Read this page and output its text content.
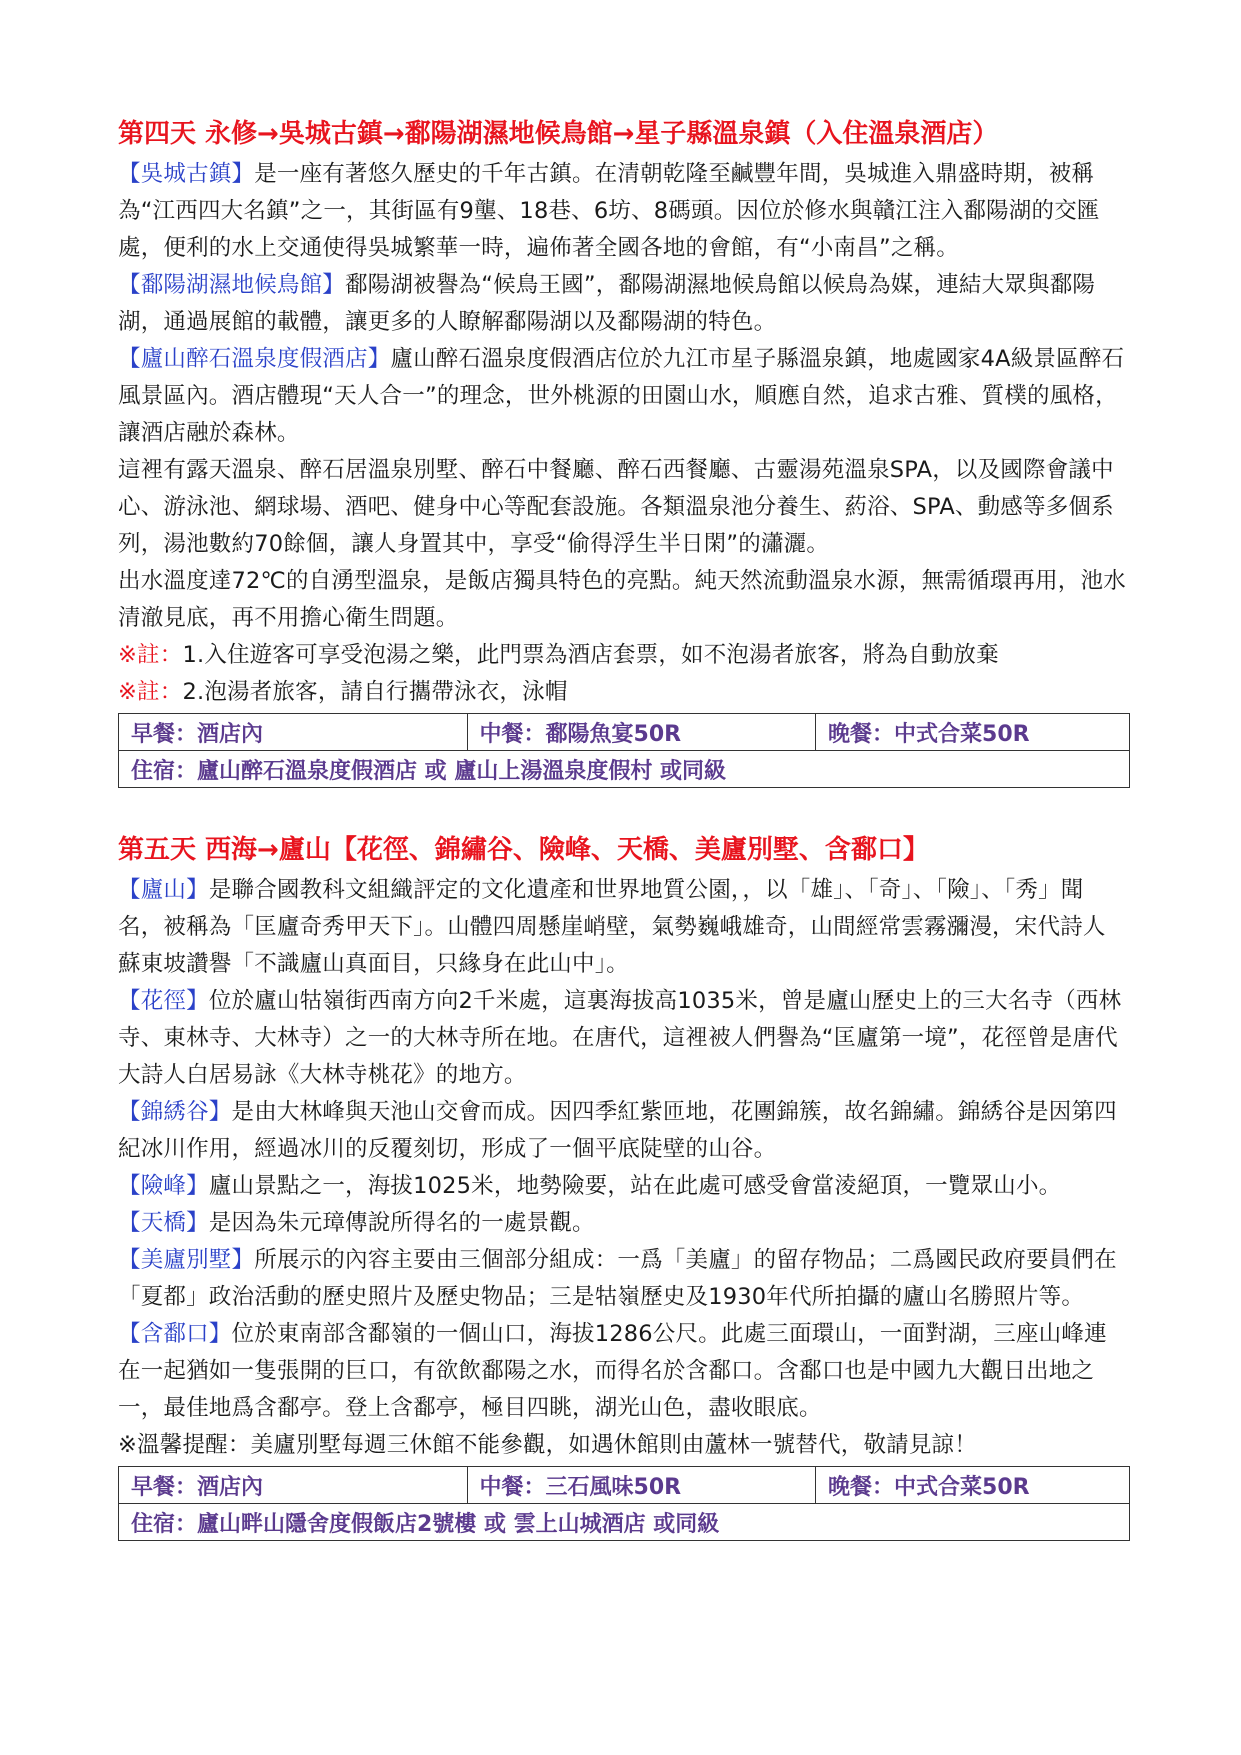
第四天 永修→吳城古鎮→鄱陽湖濕地候鳥館→星子縣溫泉鎮（入住溫泉酒店）

【吳城古鎮】是一座有著悠久歷史的千年古鎮。在清朝乾隆至鹹豐年間，吳城進入鼎盛時期，被稱為“江西四大名鎮”之一，其街區有9壟、18巷、6坊、8碼頭。因位於修水與贛江注入鄱陽湖的交匯處，便利的水上交通使得吳城繁華一時，遍佈著全國各地的會館，有“小南昌”之稱。

【鄱陽湖濕地候鳥館】鄱陽湖被譽為“候鳥王國”，鄱陽湖濕地候鳥館以候鳥為媒，連結大眾與鄱陽湖，通過展館的載體，讓更多的人瞭解鄱陽湖以及鄱陽湖的特色。

【廬山醉石溫泉度假酒店】廬山醉石溫泉度假酒店位於九江市星子縣溫泉鎮，地處國家4A級景區醉石風景區內。酒店體現“天人合一”的理念，世外桃源的田園山水，順應自然，追求古雅、質樸的風格，讓酒店融於森林。

這裡有露天溫泉、醉石居溫泉別墅、醉石中餐廳、醉石西餐廳、古靈湯苑溫泉SPA，以及國際會議中心、游泳池、網球場、酒吧、健身中心等配套設施。各類溫泉池分養生、葯浴、SPA、動感等多個系列，湯池數約70餘個，讓人身置其中，享受“偷得浮生半日閑”的瀟灑。

出水溫度達72℃的自湧型溫泉，是飯店獨具特色的亮點。純天然流動溫泉水源，無需循環再用，池水清澈見底，再不用擔心衛生問題。

※註：1.入住遊客可享受泡湯之樂，此門票為酒店套票，如不泡湯者旅客，將為自動放棄

※註：2.泡湯者旅客，請自行攜帶泳衣，泳帽

早餐：酒店內	中餐：鄱陽魚宴50R	晚餐：中式合菜50R
住宿：廬山醉石溫泉度假酒店 或 廬山上湯溫泉度假村 或同級
第五天 西海→廬山【花徑、錦繡谷、險峰、天橋、美廬別墅、含鄱口】

【廬山】是聯合國教科文組織評定的文化遺產和世界地質公園，，以「雄」、「奇」、「險」、「秀」聞名，被稱為「匡廬奇秀甲天下」。山體四周懸崖峭壁，氣勢巍峨雄奇，山間經常雲霧瀰漫，宋代詩人蘇東坡讚譽「不識廬山真面目，只緣身在此山中」。

【花徑】位於廬山牯嶺街西南方向2千米處，這裏海拔高1035米，曾是廬山歷史上的三大名寺（西林寺、東林寺、大林寺）之一的大林寺所在地。在唐代，這裡被人們譽為“匡廬第一境”，花徑曾是唐代大詩人白居易詠《大林寺桃花》的地方。

【錦綉谷】是由大林峰與天池山交會而成。因四季紅紫匝地，花團錦簇，故名錦繡。錦綉谷是因第四紀冰川作用，經過冰川的反覆刻切，形成了一個平底陡壁的山谷。

【險峰】廬山景點之一，海拔1025米，地勢險要，站在此處可感受會當淩絕頂，一覽眾山小。

【天橋】是因為朱元璋傳說所得名的一處景觀。

【美廬別墅】所展示的內容主要由三個部分組成：一爲「美廬」的留存物品；二爲國民政府要員們在「夏都」政治活動的歷史照片及歷史物品；三是牯嶺歷史及1930年代所拍攝的廬山名勝照片等。

【含鄱口】位於東南部含鄱嶺的一個山口，海拔1286公尺。此處三面環山，一面對湖，三座山峰連在一起猶如一隻張開的巨口，有欲飲鄱陽之水，而得名於含鄱口。含鄱口也是中國九大觀日出地之一，最佳地爲含鄱亭。登上含鄱亭，極目四眺，湖光山色，盡收眼底。

※溫馨提醒：美廬別墅每週三休館不能參觀，如遇休館則由蘆林一號替代，敬請見諒！

早餐：酒店內	中餐：三石風味50R	晚餐：中式合菜50R
住宿：廬山畔山隱舍度假飯店2號樓 或 雲上山城酒店 或同級
